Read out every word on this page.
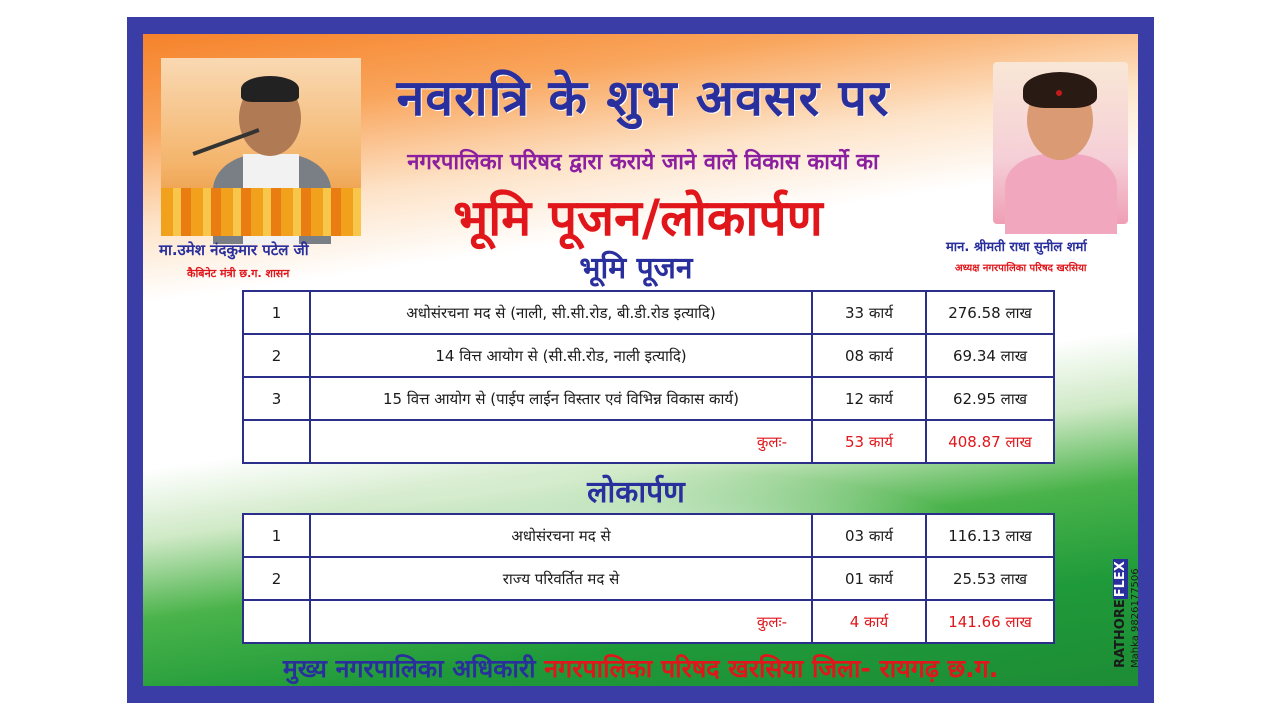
नवरात्रि के शुभ अवसर पर

नगरपालिका परिषद द्वारा कराये जाने वाले विकास कार्यो का

भूमि पूजन/लोकार्पण

मा.उमेश नंदकुमार पटेल जी

कैबिनेट मंत्री छ.ग. शासन

मान. श्रीमती राधा सुनील शर्मा

अध्यक्ष नगरपालिका परिषद खरसिया

भूमि पूजन

1	अधोसंरचना मद से (नाली, सी.सी.रोड, बी.डी.रोड इत्यादि)	33 कार्य	276.58 लाख
2	14 वित्त आयोग से (सी.सी.रोड, नाली इत्यादि)	08 कार्य	69.34 लाख
3	15 वित्त आयोग से (पाईप लाईन विस्तार एवं विभिन्न विकास कार्य)	12 कार्य	62.95 लाख
	कुलः-	53 कार्य	408.87 लाख

लोकार्पण

1	अधोसंरचना मद से	03 कार्य	116.13 लाख
2	राज्य परिवर्तित मद से	01 कार्य	25.53 लाख
	कुलः-	4 कार्य	141.66 लाख

मुख्य नगरपालिका अधिकारी नगरपालिका परिषद खरसिया जिला- रायगढ़ छ.ग.

RATHOREFLEX Mahka 9826177506
